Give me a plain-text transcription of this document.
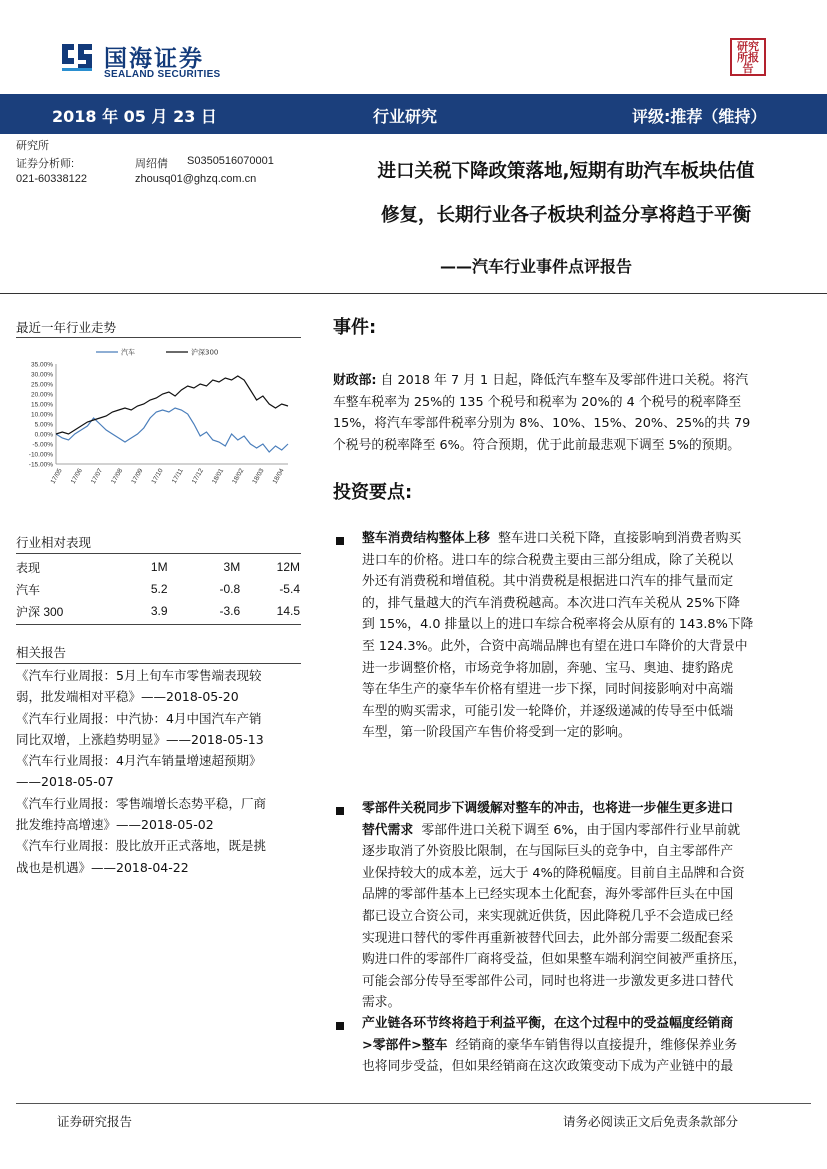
国海证券
SEALAND SECURITIES
研究所报告
2018 年 05 月 23 日	行业研究	评级:推荐（维持）
研究所
证券分析师:	周绍倩 S0350516070001
021-60338122	zhousq01@ghzq.com.cn	进口关税下降政策落地,短期有助汽车板块估值
修复，长期行业各子板块利益分享将趋于平衡
——汽车行业事件点评报告
最近一年行业走势
35.00%
30.00%
25.00%
20.00%
15.00%
10.00%
5.00%
0.00%
-5.00%
-10.00%
-15.00%
17/05 17/06 17/07 17/08 17/09 17/10 17/11 17/12 18/01 18/02 18/03 18/04
汽车	沪深300
行业相对表现
表现	1M	3M	12M
汽车	5.2	-0.8	-5.4
沪深 300	3.9	-3.6	14.5
相关报告
《汽车行业周报：5月上旬车市零售端表现较
弱，批发端相对平稳》——2018-05-20
《汽车行业周报：中汽协：4月中国汽车产销
同比双增，上涨趋势明显》——2018-05-13
《汽车行业周报：4月汽车销量增速超预期》
——2018-05-07
《汽车行业周报：零售端增长态势平稳，厂商
批发维持高增速》——2018-05-02
《汽车行业周报：股比放开正式落地，既是挑
战也是机遇》——2018-04-22
事件:
财政部: 自 2018 年 7 月 1 日起，降低汽车整车及零部件进口关税。将汽
车整车税率为 25%的 135 个税号和税率为 20%的 4 个税号的税率降至
15%，将汽车零部件税率分别为 8%、10%、15%、20%、25%的共 79
个税号的税率降至 6%。符合预期，优于此前最悲观下调至 5%的预期。
投资要点:
整车消费结构整体上移 整车进口关税下降，直接影响到消费者购买
进口车的价格。进口车的综合税费主要由三部分组成，除了关税以
外还有消费税和增值税。其中消费税是根据进口汽车的排气量而定
的，排气量越大的汽车消费税越高。本次进口汽车关税从 25%下降
到 15%，4.0 排量以上的进口车综合税率将会从原有的 143.8%下降
至 124.3%。此外，合资中高端品牌也有望在进口车降价的大背景中
进一步调整价格，市场竞争将加剧，奔驰、宝马、奥迪、捷豹路虎
等在华生产的豪华车价格有望进一步下探，同时间接影响对中高端
车型的购买需求，可能引发一轮降价，并逐级递减的传导至中低端
车型，第一阶段国产车售价将受到一定的影响。
零部件关税同步下调缓解对整车的冲击，也将进一步催生更多进口
替代需求 零部件进口关税下调至 6%，由于国内零部件行业早前就
逐步取消了外资股比限制，在与国际巨头的竞争中，自主零部件产
业保持较大的成本差，远大于 4%的降税幅度。目前自主品牌和合资
品牌的零部件基本上已经实现本土化配套，海外零部件巨头在中国
都已设立合资公司，来实现就近供货，因此降税几乎不会造成已经
实现进口替代的零件再重新被替代回去，此外部分需要二级配套采
购进口件的零部件厂商将受益，但如果整车端利润空间被严重挤压，
可能会部分传导至零部件公司，同时也将进一步激发更多进口替代
需求。
产业链各环节终将趋于利益平衡，在这个过程中的受益幅度经销商
>零部件>整车 经销商的豪华车销售得以直接提升，维修保养业务
也将同步受益，但如果经销商在这次政策变动下成为产业链中的最
证券研究报告	请务必阅读正文后免责条款部分
